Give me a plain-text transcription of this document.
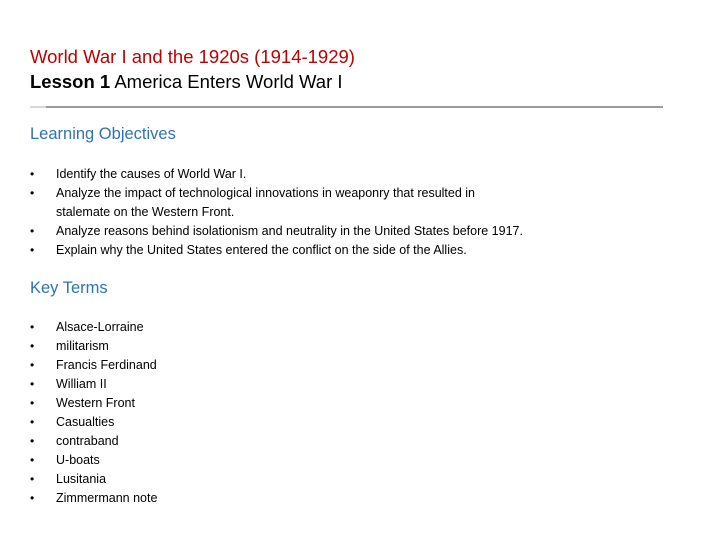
World War I and the 1920s (1914-1929)
Lesson 1 America Enters World War I
Learning Objectives
•	Identify the causes of World War I.
•	Analyze the impact of technological innovations in weaponry that resulted in
stalemate on the Western Front.
•	Analyze reasons behind isolationism and neutrality in the United States before 1917.
•	Explain why the United States entered the conflict on the side of the Allies.
Key Terms
•	Alsace-Lorraine
•	militarism
•	Francis Ferdinand
•	William II
•	Western Front
•	Casualties
•	contraband
•	U-boats
•	Lusitania
•	Zimmermann note
